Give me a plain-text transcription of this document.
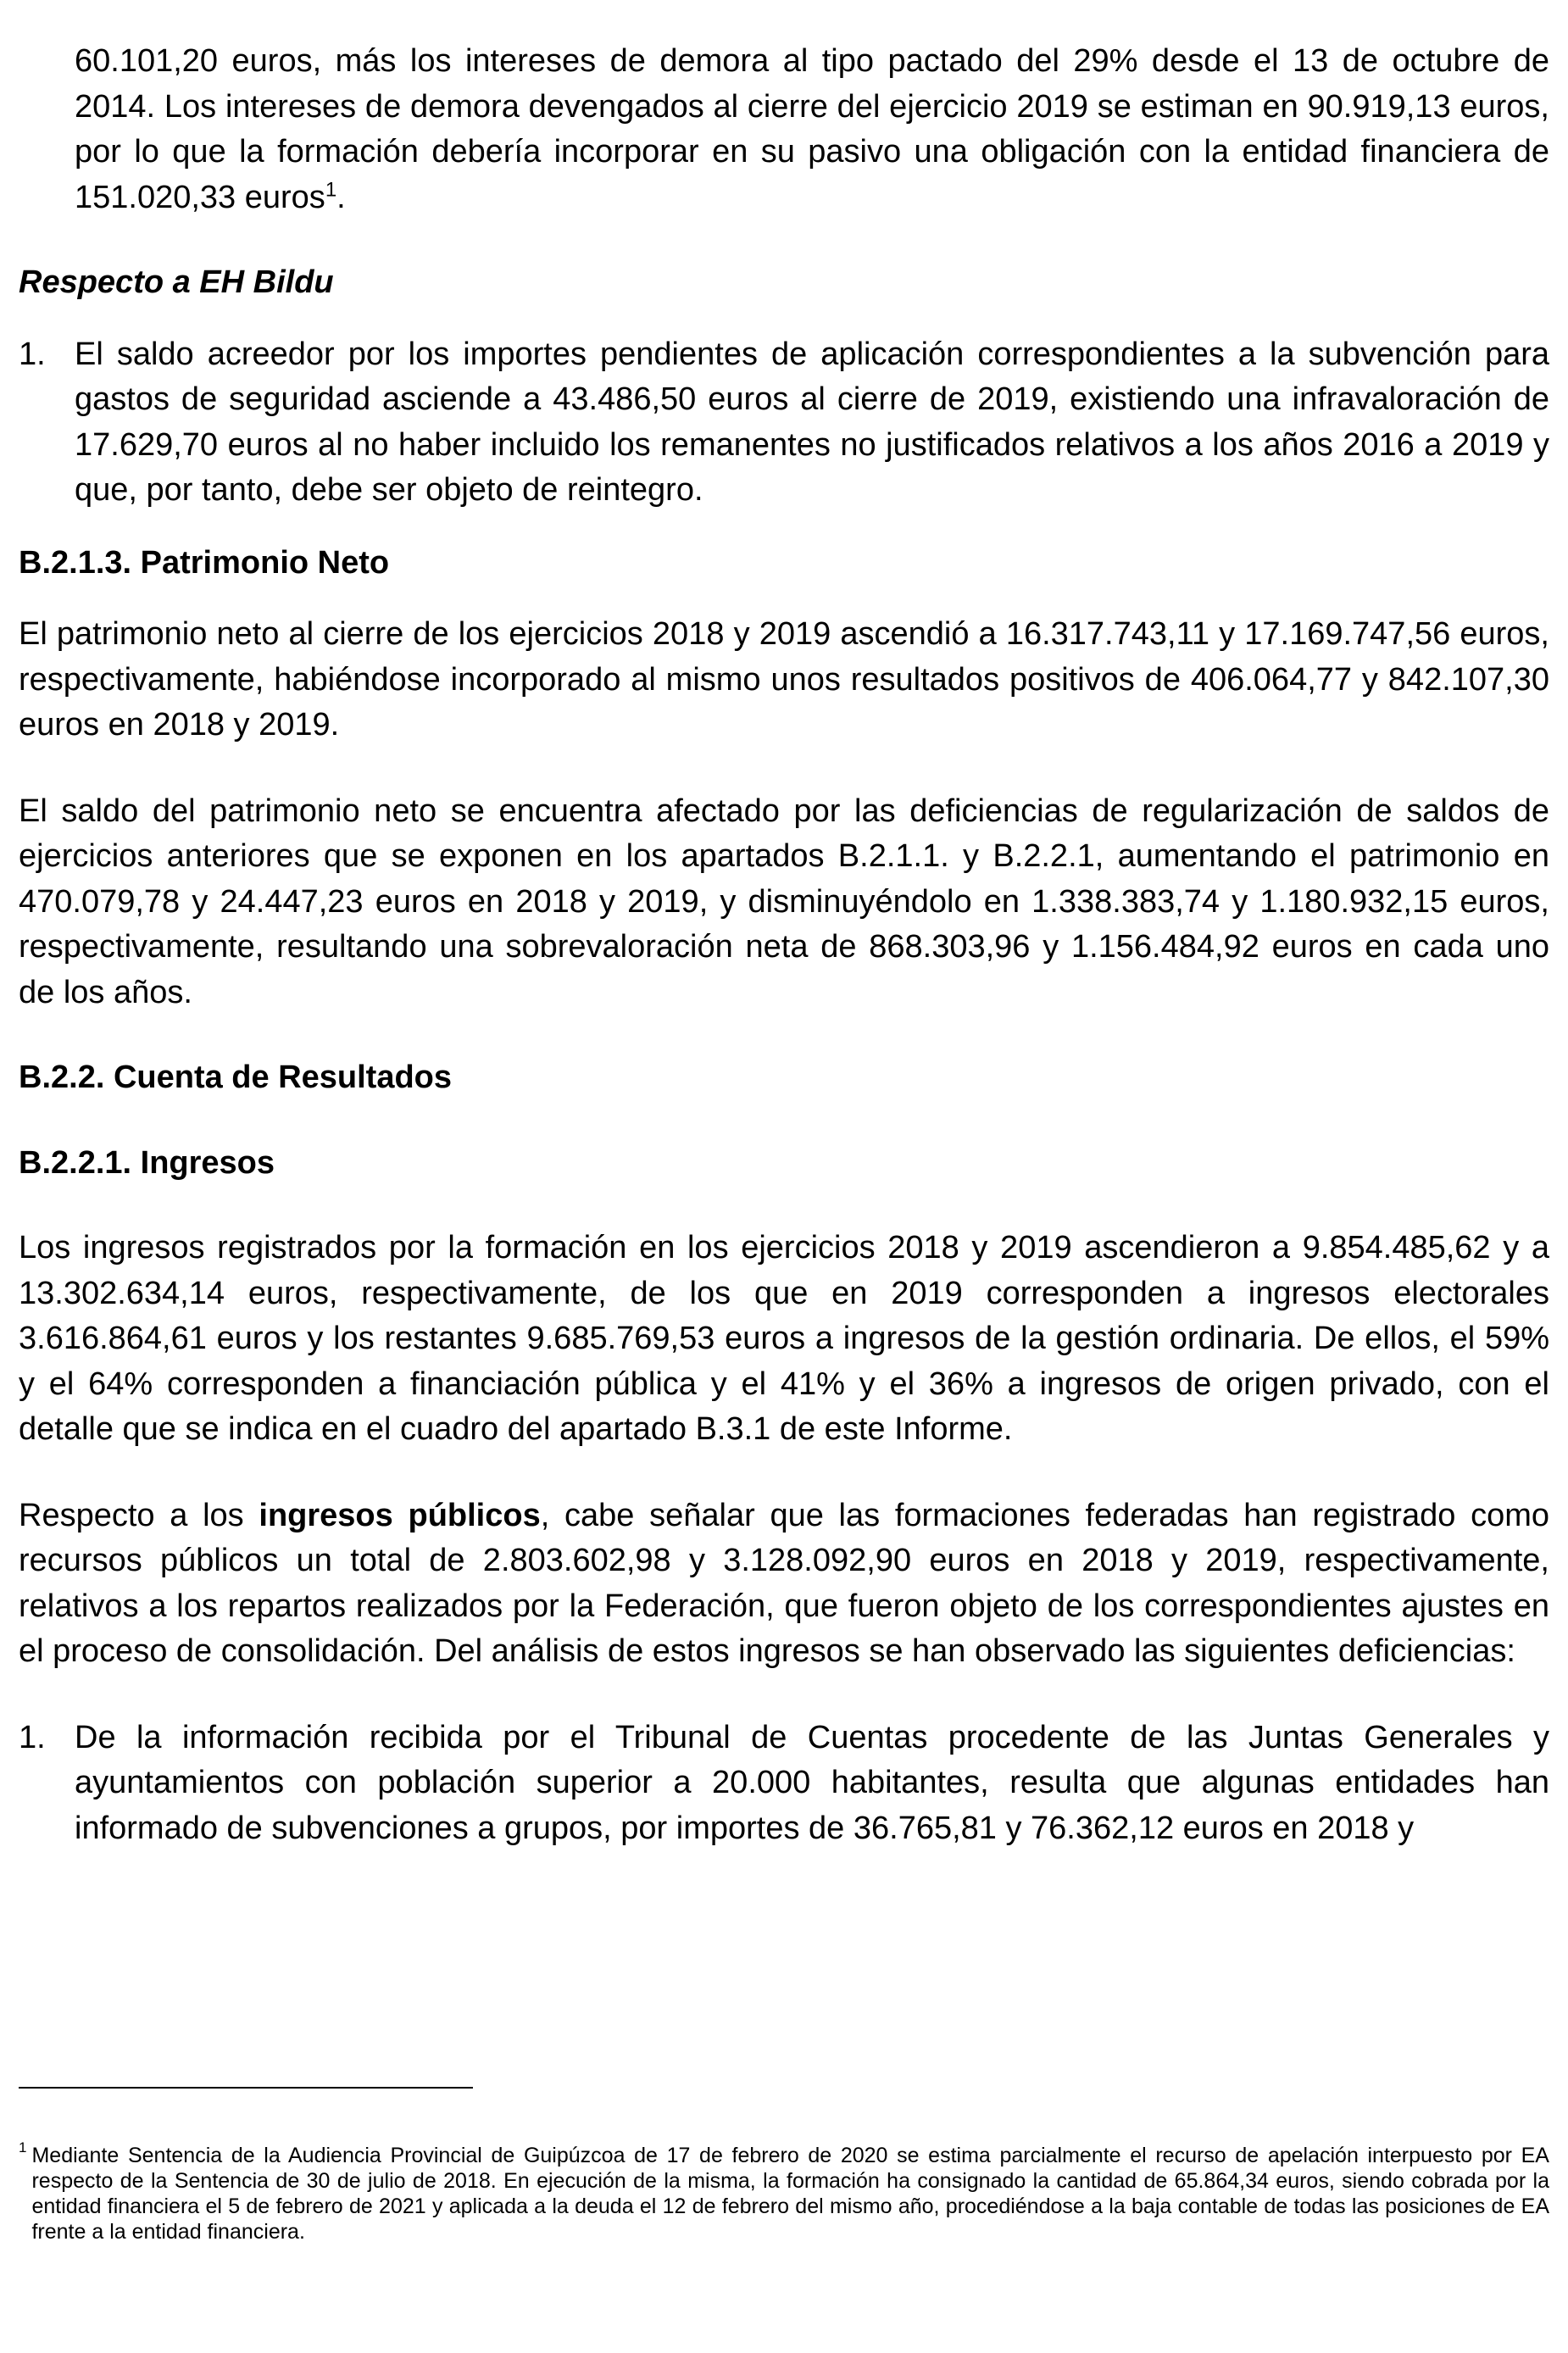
60.101,20 euros, más los intereses de demora al tipo pactado del 29% desde el 13 de octubre de 2014. Los intereses de demora devengados al cierre del ejercicio 2019 se estiman en 90.919,13 euros, por lo que la formación debería incorporar en su pasivo una obligación con la entidad financiera de 151.020,33 euros$^1$.

Respecto a EH Bildu
1. El saldo acreedor por los importes pendientes de aplicación correspondientes a la subvención para gastos de seguridad asciende a 43.486,50 euros al cierre de 2019, existiendo una infravaloración de 17.629,70 euros al no haber incluido los remanentes no justificados relativos a los años 2016 a 2019 y que, por tanto, debe ser objeto de reintegro.

B.2.1.3. Patrimonio Neto

El patrimonio neto al cierre de los ejercicios 2018 y 2019 ascendió a 16.317.743,11 y 17.169.747,56 euros, respectivamente, habiéndose incorporado al mismo unos resultados positivos de 406.064,77 y 842.107,30 euros en 2018 y 2019.

El saldo del patrimonio neto se encuentra afectado por las deficiencias de regularización de saldos de ejercicios anteriores que se exponen en los apartados B.2.1.1. y B.2.2.1, aumentando el patrimonio en 470.079,78 y 24.447,23 euros en 2018 y 2019, y disminuyéndolo en 1.338.383,74 y 1.180.932,15 euros, respectivamente, resultando una sobrevaloración neta de 868.303,96 y 1.156.484,92 euros en cada uno de los años.

B.2.2. Cuenta de Resultados
B.2.2.1. Ingresos

Los ingresos registrados por la formación en los ejercicios 2018 y 2019 ascendieron a 9.854.485,62 y a 13.302.634,14 euros, respectivamente, de los que en 2019 corresponden a ingresos electorales 3.616.864,61 euros y los restantes 9.685.769,53 euros a ingresos de la gestión ordinaria. De ellos, el 59% y el 64% corresponden a financiación pública y el 41% y el 36% a ingresos de origen privado, con el detalle que se indica en el cuadro del apartado B.3.1 de este Informe.

Respecto a los ingresos públicos, cabe señalar que las formaciones federadas han registrado como recursos públicos un total de 2.803.602,98 y 3.128.092,90 euros en 2018 y 2019, respectivamente, relativos a los repartos realizados por la Federación, que fueron objeto de los correspondientes ajustes en el proceso de consolidación. Del análisis de estos ingresos se han observado las siguientes deficiencias:

1. De la información recibida por el Tribunal de Cuentas procedente de las Juntas Generales y ayuntamientos con población superior a 20.000 habitantes, resulta que algunas entidades han informado de subvenciones a grupos, por importes de 36.765,81 y 76.362,12 euros en 2018 y

1 Mediante Sentencia de la Audiencia Provincial de Guipúzcoa de 17 de febrero de 2020 se estima parcialmente el recurso de apelación interpuesto por EA respecto de la Sentencia de 30 de julio de 2018. En ejecución de la misma, la formación ha consignado la cantidad de 65.864,34 euros, siendo cobrada por la entidad financiera el 5 de febrero de 2021 y aplicada a la deuda el 12 de febrero del mismo año, procediéndose a la baja contable de todas las posiciones de EA frente a la entidad financiera.
